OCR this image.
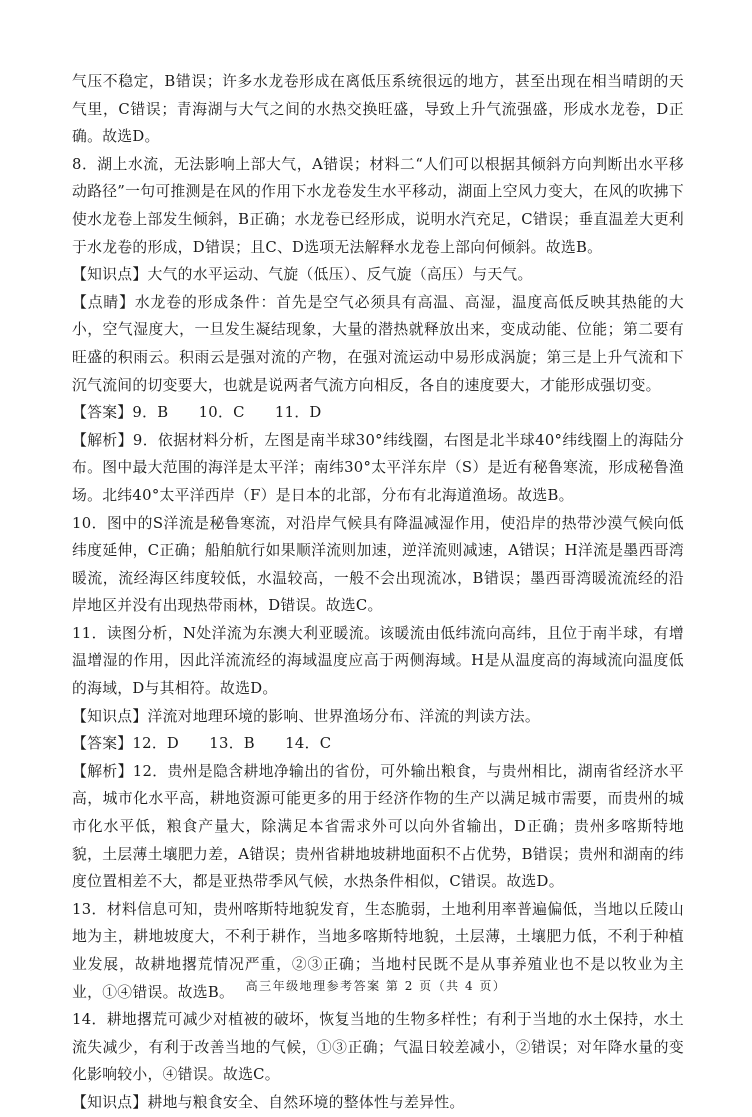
气压不稳定，B错误；许多水龙卷形成在离低压系统很远的地方，甚至出现在相当晴朗的天气里，C错误；青海湖与大气之间的水热交换旺盛，导致上升气流强盛，形成水龙卷，D正确。故选D。

8．湖上水流，无法影响上部大气，A错误；材料二“人们可以根据其倾斜方向判断出水平移动路径”一句可推测是在风的作用下水龙卷发生水平移动，湖面上空风力变大，在风的吹拂下使水龙卷上部发生倾斜，B正确；水龙卷已经形成，说明水汽充足，C错误；垂直温差大更利于水龙卷的形成，D错误；且C、D选项无法解释水龙卷上部向何倾斜。故选B。

【知识点】大气的水平运动、气旋（低压）、反气旋（高压）与天气。

【点睛】水龙卷的形成条件：首先是空气必须具有高温、高湿，温度高低反映其热能的大小，空气湿度大，一旦发生凝结现象，大量的潜热就释放出来，变成动能、位能；第二要有旺盛的积雨云。积雨云是强对流的产物，在强对流运动中易形成涡旋；第三是上升气流和下沉气流间的切变要大，也就是说两者气流方向相反，各自的速度要大，才能形成强切变。

【答案】9．B　　10．C　　11．D

【解析】9．依据材料分析，左图是南半球30°纬线圈，右图是北半球40°纬线圈上的海陆分布。图中最大范围的海洋是太平洋；南纬30°太平洋东岸（S）是近有秘鲁寒流，形成秘鲁渔场。北纬40°太平洋西岸（F）是日本的北部，分布有北海道渔场。故选B。

10．图中的S洋流是秘鲁寒流，对沿岸气候具有降温减湿作用，使沿岸的热带沙漠气候向低纬度延伸，C正确；船舶航行如果顺洋流则加速，逆洋流则减速，A错误；H洋流是墨西哥湾暖流，流经海区纬度较低，水温较高，一般不会出现流冰，B错误；墨西哥湾暖流流经的沿岸地区并没有出现热带雨林，D错误。故选C。

11．读图分析，N处洋流为东澳大利亚暖流。该暖流由低纬流向高纬，且位于南半球，有增温增湿的作用，因此洋流流经的海域温度应高于两侧海域。H是从温度高的海域流向温度低的海域，D与其相符。故选D。

【知识点】洋流对地理环境的影响、世界渔场分布、洋流的判读方法。

【答案】12．D　　13．B　　14．C

【解析】12．贵州是隐含耕地净输出的省份，可外输出粮食，与贵州相比，湖南省经济水平高，城市化水平高，耕地资源可能更多的用于经济作物的生产以满足城市需要，而贵州的城市化水平低，粮食产量大，除满足本省需求外可以向外省输出，D正确；贵州多喀斯特地貌，土层薄土壤肥力差，A错误；贵州省耕地坡耕地面积不占优势，B错误；贵州和湖南的纬度位置相差不大，都是亚热带季风气候，水热条件相似，C错误。故选D。

13．材料信息可知，贵州喀斯特地貌发育，生态脆弱，土地利用率普遍偏低，当地以丘陵山地为主，耕地坡度大，不利于耕作，当地多喀斯特地貌，土层薄，土壤肥力低，不利于种植业发展，故耕地撂荒情况严重，②③正确；当地村民既不是从事养殖业也不是以牧业为主业，①④错误。故选B。

14．耕地撂荒可减少对植被的破坏，恢复当地的生物多样性；有利于当地的水土保持，水土流失减少，有利于改善当地的气候，①③正确；气温日较差减小，②错误；对年降水量的变化影响较小，④错误。故选C。

【知识点】耕地与粮食安全、自然环境的整体性与差异性。

高三年级地理参考答案 第 2 页（共 4 页）
